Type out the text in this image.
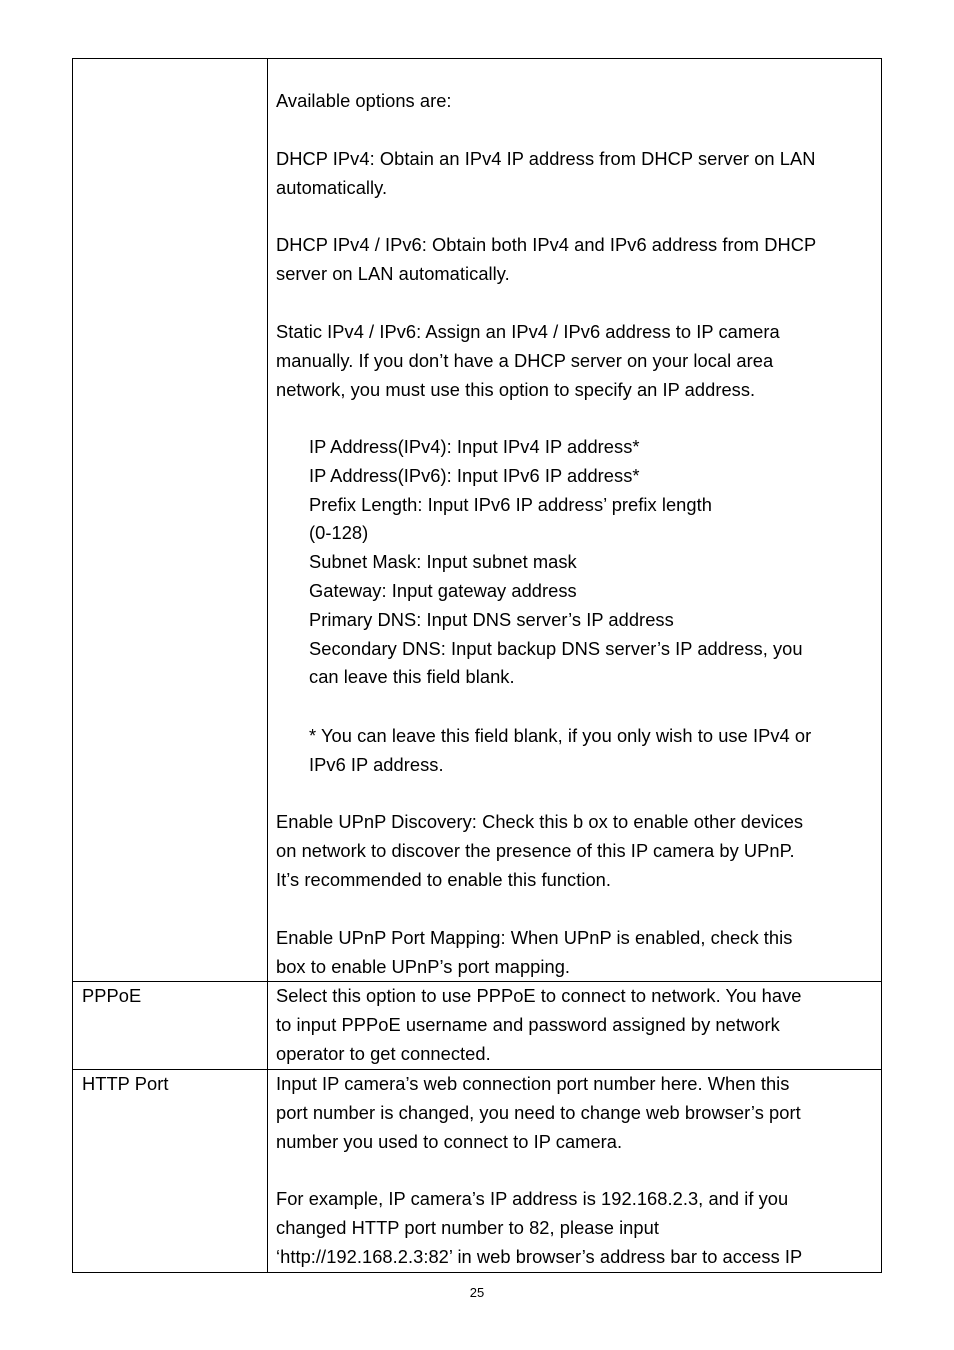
Available options are:
DHCP IPv4: Obtain an IPv4 IP address from DHCP server on LAN
automatically.
DHCP IPv4 / IPv6: Obtain both IPv4 and IPv6 address from DHCP
server on LAN automatically.
Static IPv4 / IPv6: Assign an IPv4 / IPv6 address to IP camera
manually. If you don’t have a DHCP server on your local area
network, you must use this option to specify an IP address.
IP Address(IPv4): Input IPv4 IP address*
IP Address(IPv6): Input IPv6 IP address*
Prefix Length: Input IPv6 IP address’ prefix length
(0-128)
Subnet Mask: Input subnet mask
Gateway: Input gateway address
Primary DNS: Input DNS server’s IP address
Secondary DNS: Input backup DNS server’s IP address, you
can leave this field blank.
* You can leave this field blank, if you only wish to use IPv4 or
IPv6 IP address.
Enable UPnP Discovery: Check this b ox to enable other devices
on network to discover the presence of this IP camera by UPnP.
It’s recommended to enable this function.
Enable UPnP Port Mapping: When UPnP is enabled, check this
box to enable UPnP’s port mapping.
PPPoE	Select this option to use PPPoE to connect to network. You have
to input PPPoE username and password assigned by network
operator to get connected.
HTTP Port	Input IP camera’s web connection port number here. When this
port number is changed, you need to change web browser’s port
number you used to connect to IP camera.
For example, IP camera’s IP address is 192.168.2.3, and if you
changed HTTP port number to 82, please input
‘http://192.168.2.3:82’ in web browser’s address bar to access IP
25
